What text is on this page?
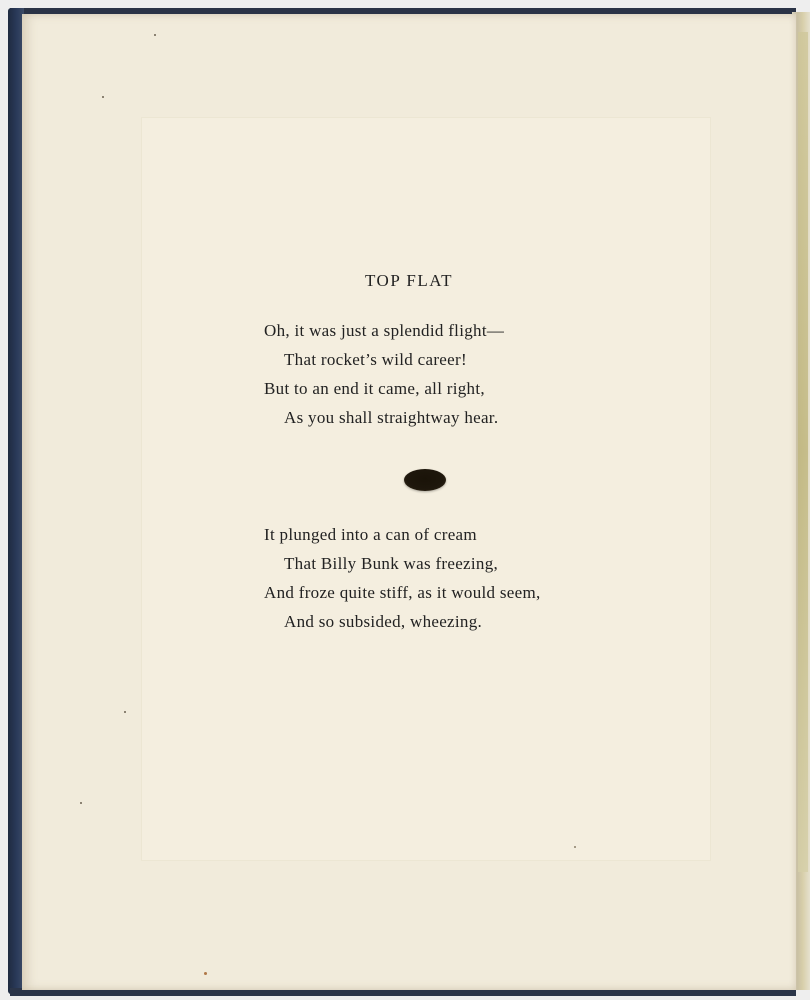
TOP FLAT
Oh, it was just a splendid flight—
That rocket’s wild career!
But to an end it came, all right,
As you shall straightway hear.
It plunged into a can of cream
That Billy Bunk was freezing,
And froze quite stiff, as it would seem,
And so subsided, wheezing.
